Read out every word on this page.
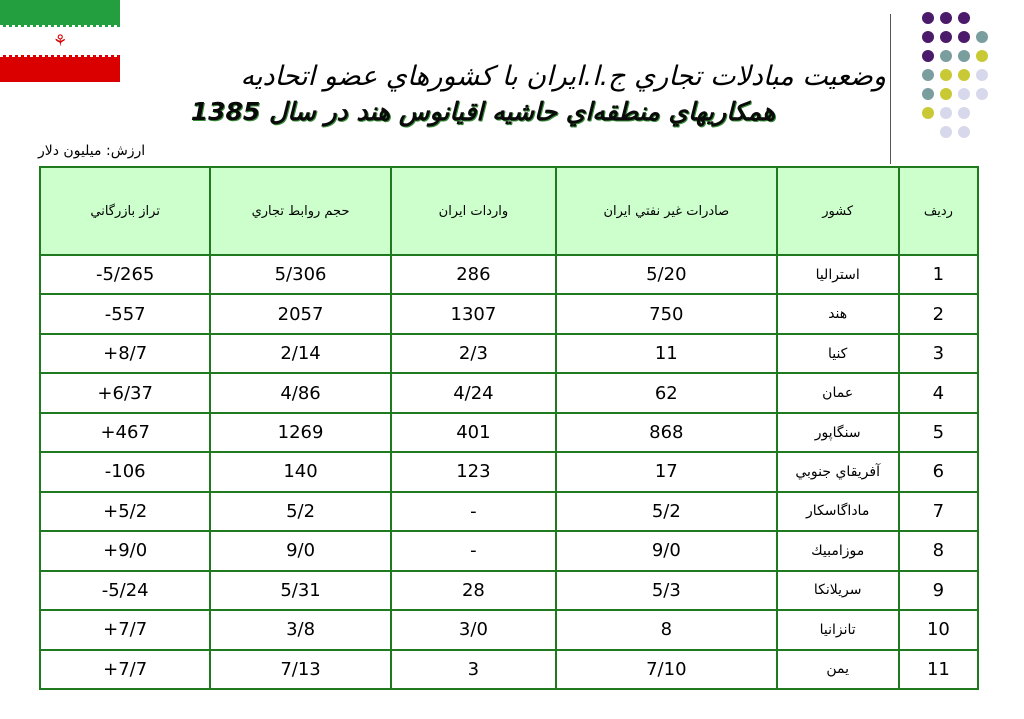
⚘
وضعيت مبادلات تجاري ج.ا.ايران با كشورهاي عضو اتحاديه
همكاريهاي منطقه‌اي حاشيه اقيانوس هند در سال 1385
ارزش: ميليون دلار
تراز بازرگاني	حجم روابط تجاري	واردات ايران	صادرات غير نفتي ايران	كشور	رديف
-5/265	5/306	286	5/20	استراليا	1
-557	2057	1307	750	هند	2
+8/7	2/14	2/3	11	كنيا	3
+6/37	4/86	4/24	62	عمان	4
+467	1269	401	868	سنگاپور	5
-106	140	123	17	آفريقاي جنوبي	6
+5/2	5/2	-	5/2	ماداگاسكار	7
+9/0	9/0	-	9/0	موزامبيك	8
-5/24	5/31	28	5/3	سريلانكا	9
+7/7	3/8	3/0	8	تانزانيا	10
+7/7	7/13	3	7/10	يمن	11
